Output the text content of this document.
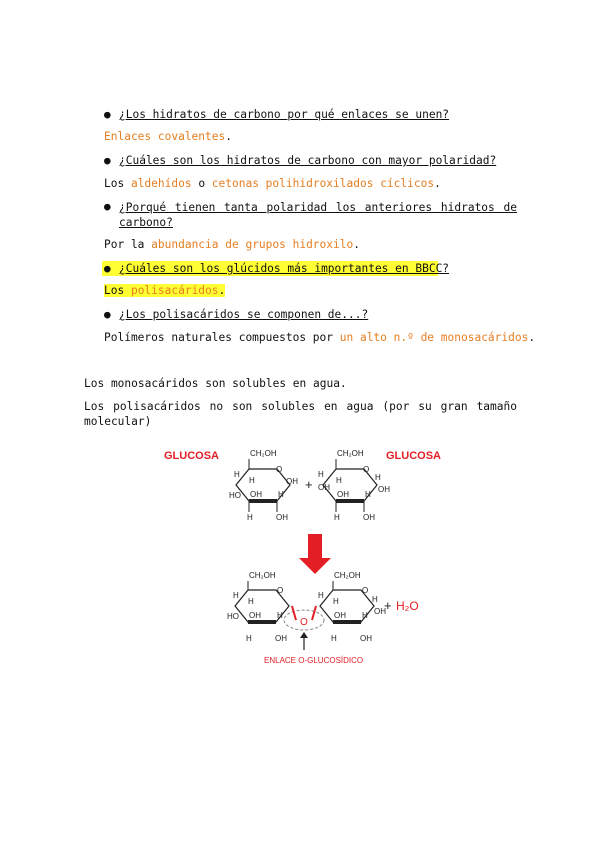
● ¿Los hidratos de carbono por qué enlaces se unen?
Enlaces covalentes.
● ¿Cuáles son los hidratos de carbono con mayor polaridad?
Los aldehídos o cetonas polihidroxilados cíclicos.
● ¿Porqué tienen tanta polaridad los anteriores hidratos de carbono?
Por la abundancia de grupos hidroxilo.
● ¿Cuáles son los glúcidos más importantes en BBCC?
Los polisacáridos.
● ¿Los polisacáridos se componen de...?
Polímeros naturales compuestos por un alto n.º de monosacáridos.
Los monosacáridos son solubles en agua.
Los polisacáridos no son solubles en agua (por su gran tamaño molecular)
GLUCOSA	GLUCOSA
CH₂OH
O
H
H
HO OH H
OH
H	OH
+
CH₂OH
O
H
H
OH
OH H
H
OH
H	OH
CH₂OH
O
H
H
HO OH H
H	OH
CH₂OH
O
H
H
OH H
H
OH
H	OH
O
+ H₂O
ENLACE O-GLUCOSÍDICO
